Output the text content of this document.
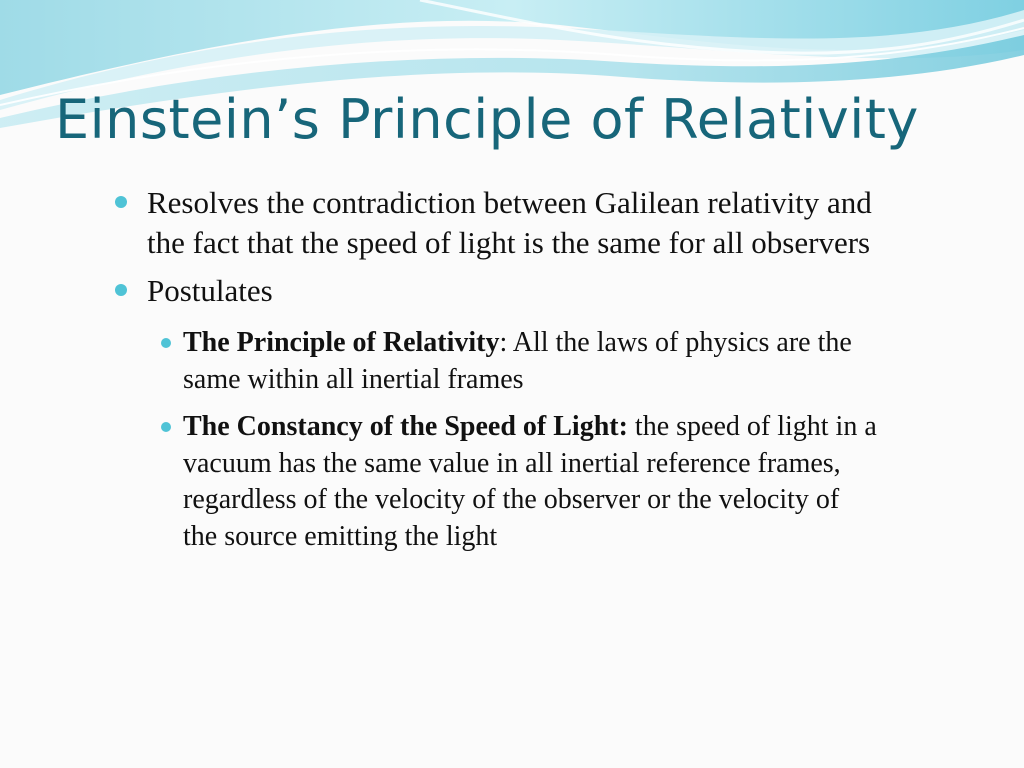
Einstein’s Principle of Relativity
Resolves the contradiction between Galilean relativity and the fact that the speed of light is the same for all observers
Postulates
The Principle of Relativity: All the laws of physics are the same within all inertial frames
The Constancy of the Speed of Light: the speed of light in a vacuum has the same value in all inertial reference frames, regardless of the velocity of the observer or the velocity of the source emitting the light
